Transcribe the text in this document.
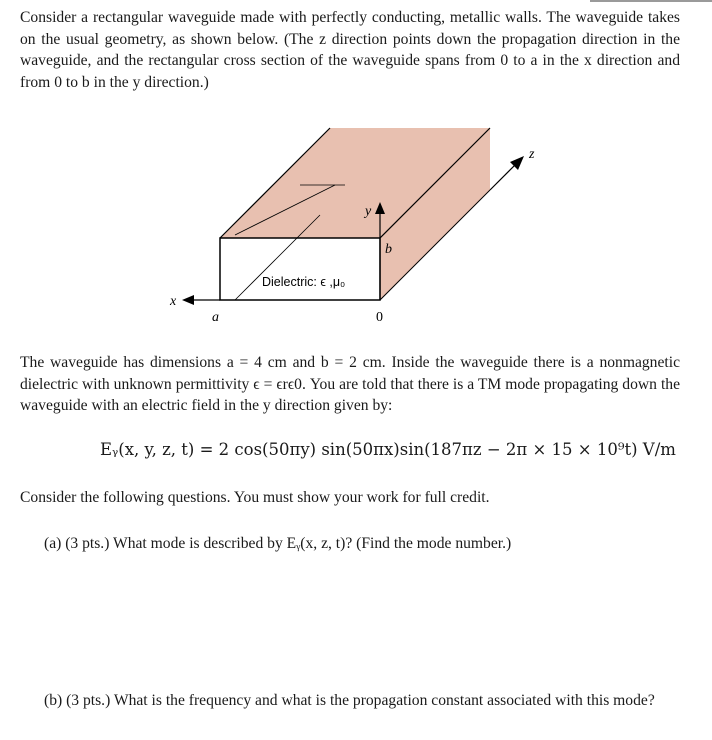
Consider a rectangular waveguide made with perfectly conducting, metallic walls. The waveguide takes on the usual geometry, as shown below. (The z direction points down the propagation direction in the waveguide, and the rectangular cross section of the waveguide spans from 0 to a in the x direction and from 0 to b in the y direction.)

x
a	0
y
b
z
Dielectric: ϵ ,μ₀

The waveguide has dimensions a = 4 cm and b = 2 cm. Inside the waveguide there is a nonmagnetic dielectric with unknown permittivity ϵ = ϵrϵ0. You are told that there is a TM mode propagating down the waveguide with an electric field in the y direction given by:

Eᵧ(x, y, z, t) = 2 cos(50πy) sin(50πx)sin(187πz − 2π × 15 × 10⁹t) V/m

Consider the following questions. You must show your work for full credit.

(a) (3 pts.) What mode is described by Eᵧ(x, z, t)? (Find the mode number.)

(b) (3 pts.) What is the frequency and what is the propagation constant associated with this mode?
